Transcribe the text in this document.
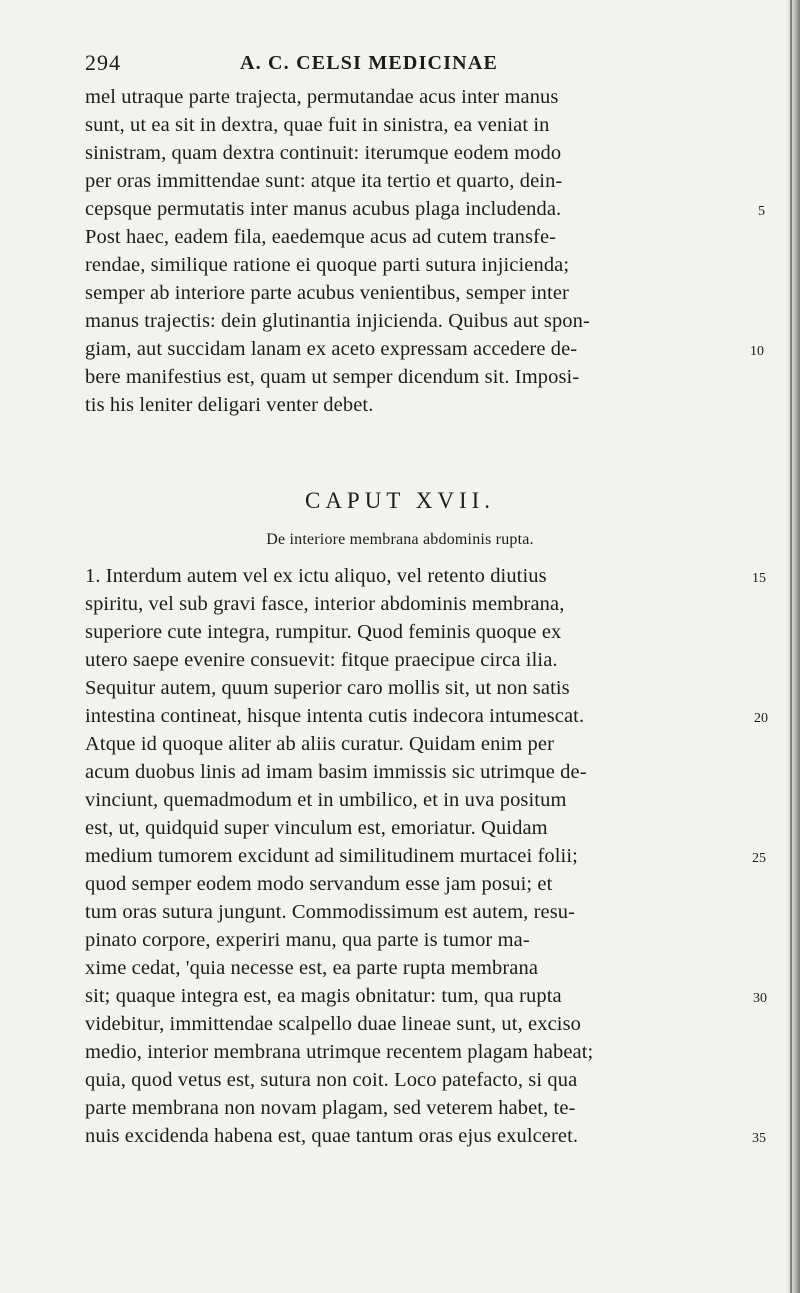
294	A. C. CELSI MEDICINAE
mel utraque parte trajecta, permutandae acus inter manus
sunt, ut ea sit in dextra, quae fuit in sinistra, ea veniat in
sinistram, quam dextra continuit: iterumque eodem modo
per oras immittendae sunt: atque ita tertio et quarto, dein-
cepsque permutatis inter manus acubus plaga includenda.
Post haec, eadem fila, eaedemque acus ad cutem transfe-
rendae, similique ratione ei quoque parti sutura injicienda;
semper ab interiore parte acubus venientibus, semper inter
manus trajectis: dein glutinantia injicienda. Quibus aut spon-
giam, aut succidam lanam ex aceto expressam accedere de-
bere manifestius est, quam ut semper dicendum sit. Imposi-
tis his leniter deligari venter debet.
CAPUT XVII.
De interiore membrana abdominis rupta.
1. Interdum autem vel ex ictu aliquo, vel retento diutius
spiritu, vel sub gravi fasce, interior abdominis membrana,
superiore cute integra, rumpitur. Quod feminis quoque ex
utero saepe evenire consuevit: fitque praecipue circa ilia.
Sequitur autem, quum superior caro mollis sit, ut non satis
intestina contineat, hisque intenta cutis indecora intumescat.
Atque id quoque aliter ab aliis curatur. Quidam enim per
acum duobus linis ad imam basim immissis sic utrimque de-
vinciunt, quemadmodum et in umbilico, et in uva positum
est, ut, quidquid super vinculum est, emoriatur. Quidam
medium tumorem excidunt ad similitudinem murtacei folii;
quod semper eodem modo servandum esse jam posui; et
tum oras sutura jungunt. Commodissimum est autem, resu-
pinato corpore, experiri manu, qua parte is tumor ma-
xime cedat, 'quia necesse est, ea parte rupta membrana
sit; quaque integra est, ea magis obnitatur: tum, qua rupta
videbitur, immittendae scalpello duae lineae sunt, ut, exciso
medio, interior membrana utrimque recentem plagam habeat;
quia, quod vetus est, sutura non coit. Loco patefacto, si qua
parte membrana non novam plagam, sed veterem habet, te-
nuis excidenda habena est, quae tantum oras ejus exulceret.
5
10
15
20
25
30
35
